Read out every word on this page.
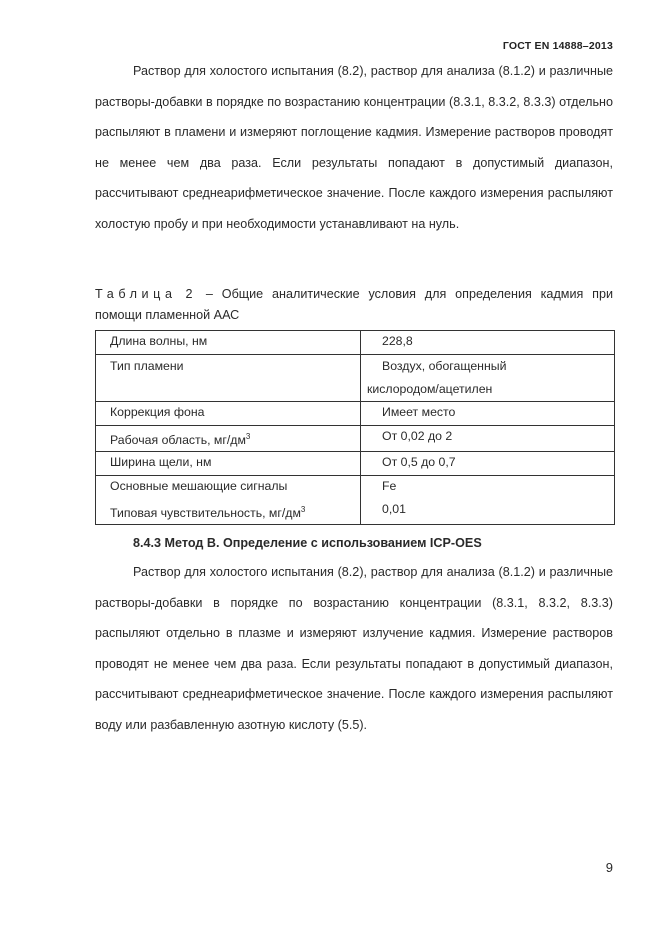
ГОСТ EN 14888–2013

Раствор для холостого испытания (8.2), раствор для анализа (8.1.2) и различные растворы-добавки в порядке по возрастанию концентрации (8.3.1, 8.3.2, 8.3.3) отдельно распыляют в пламени и измеряют поглощение кадмия. Измерение растворов проводят не менее чем два раза. Если результаты попадают в допустимый диапазон, рассчитывают среднеарифметическое значение. После каждого измерения распыляют холостую пробу и при необходимости устанавливают на нуль.

Таблица 2 – Общие аналитические условия для определения кадмия при помощи пламенной ААС

Длина волны, нм	228,8
Тип пламени	Воздух, обогащенный
кислородом/ацетилен
Коррекция фона	Имеет место
Рабочая область, $мг/дм^3$	От 0,02 до 2
Ширина щели, нм	От 0,5 до 0,7
Основные мешающие сигналы	Fe
Типовая чувствительность, $мг/дм^3$	0,01

8.4.3 Метод В. Определение с использованием ICP-OES

Раствор для холостого испытания (8.2), раствор для анализа (8.1.2) и различные растворы-добавки в порядке по возрастанию концентрации (8.3.1, 8.3.2, 8.3.3) распыляют отдельно в плазме и измеряют излучение кадмия. Измерение растворов проводят не менее чем два раза. Если результаты попадают в допустимый диапазон, рассчитывают среднеарифметическое значение. После каждого измерения распыляют воду или разбавленную азотную кислоту (5.5).

9
